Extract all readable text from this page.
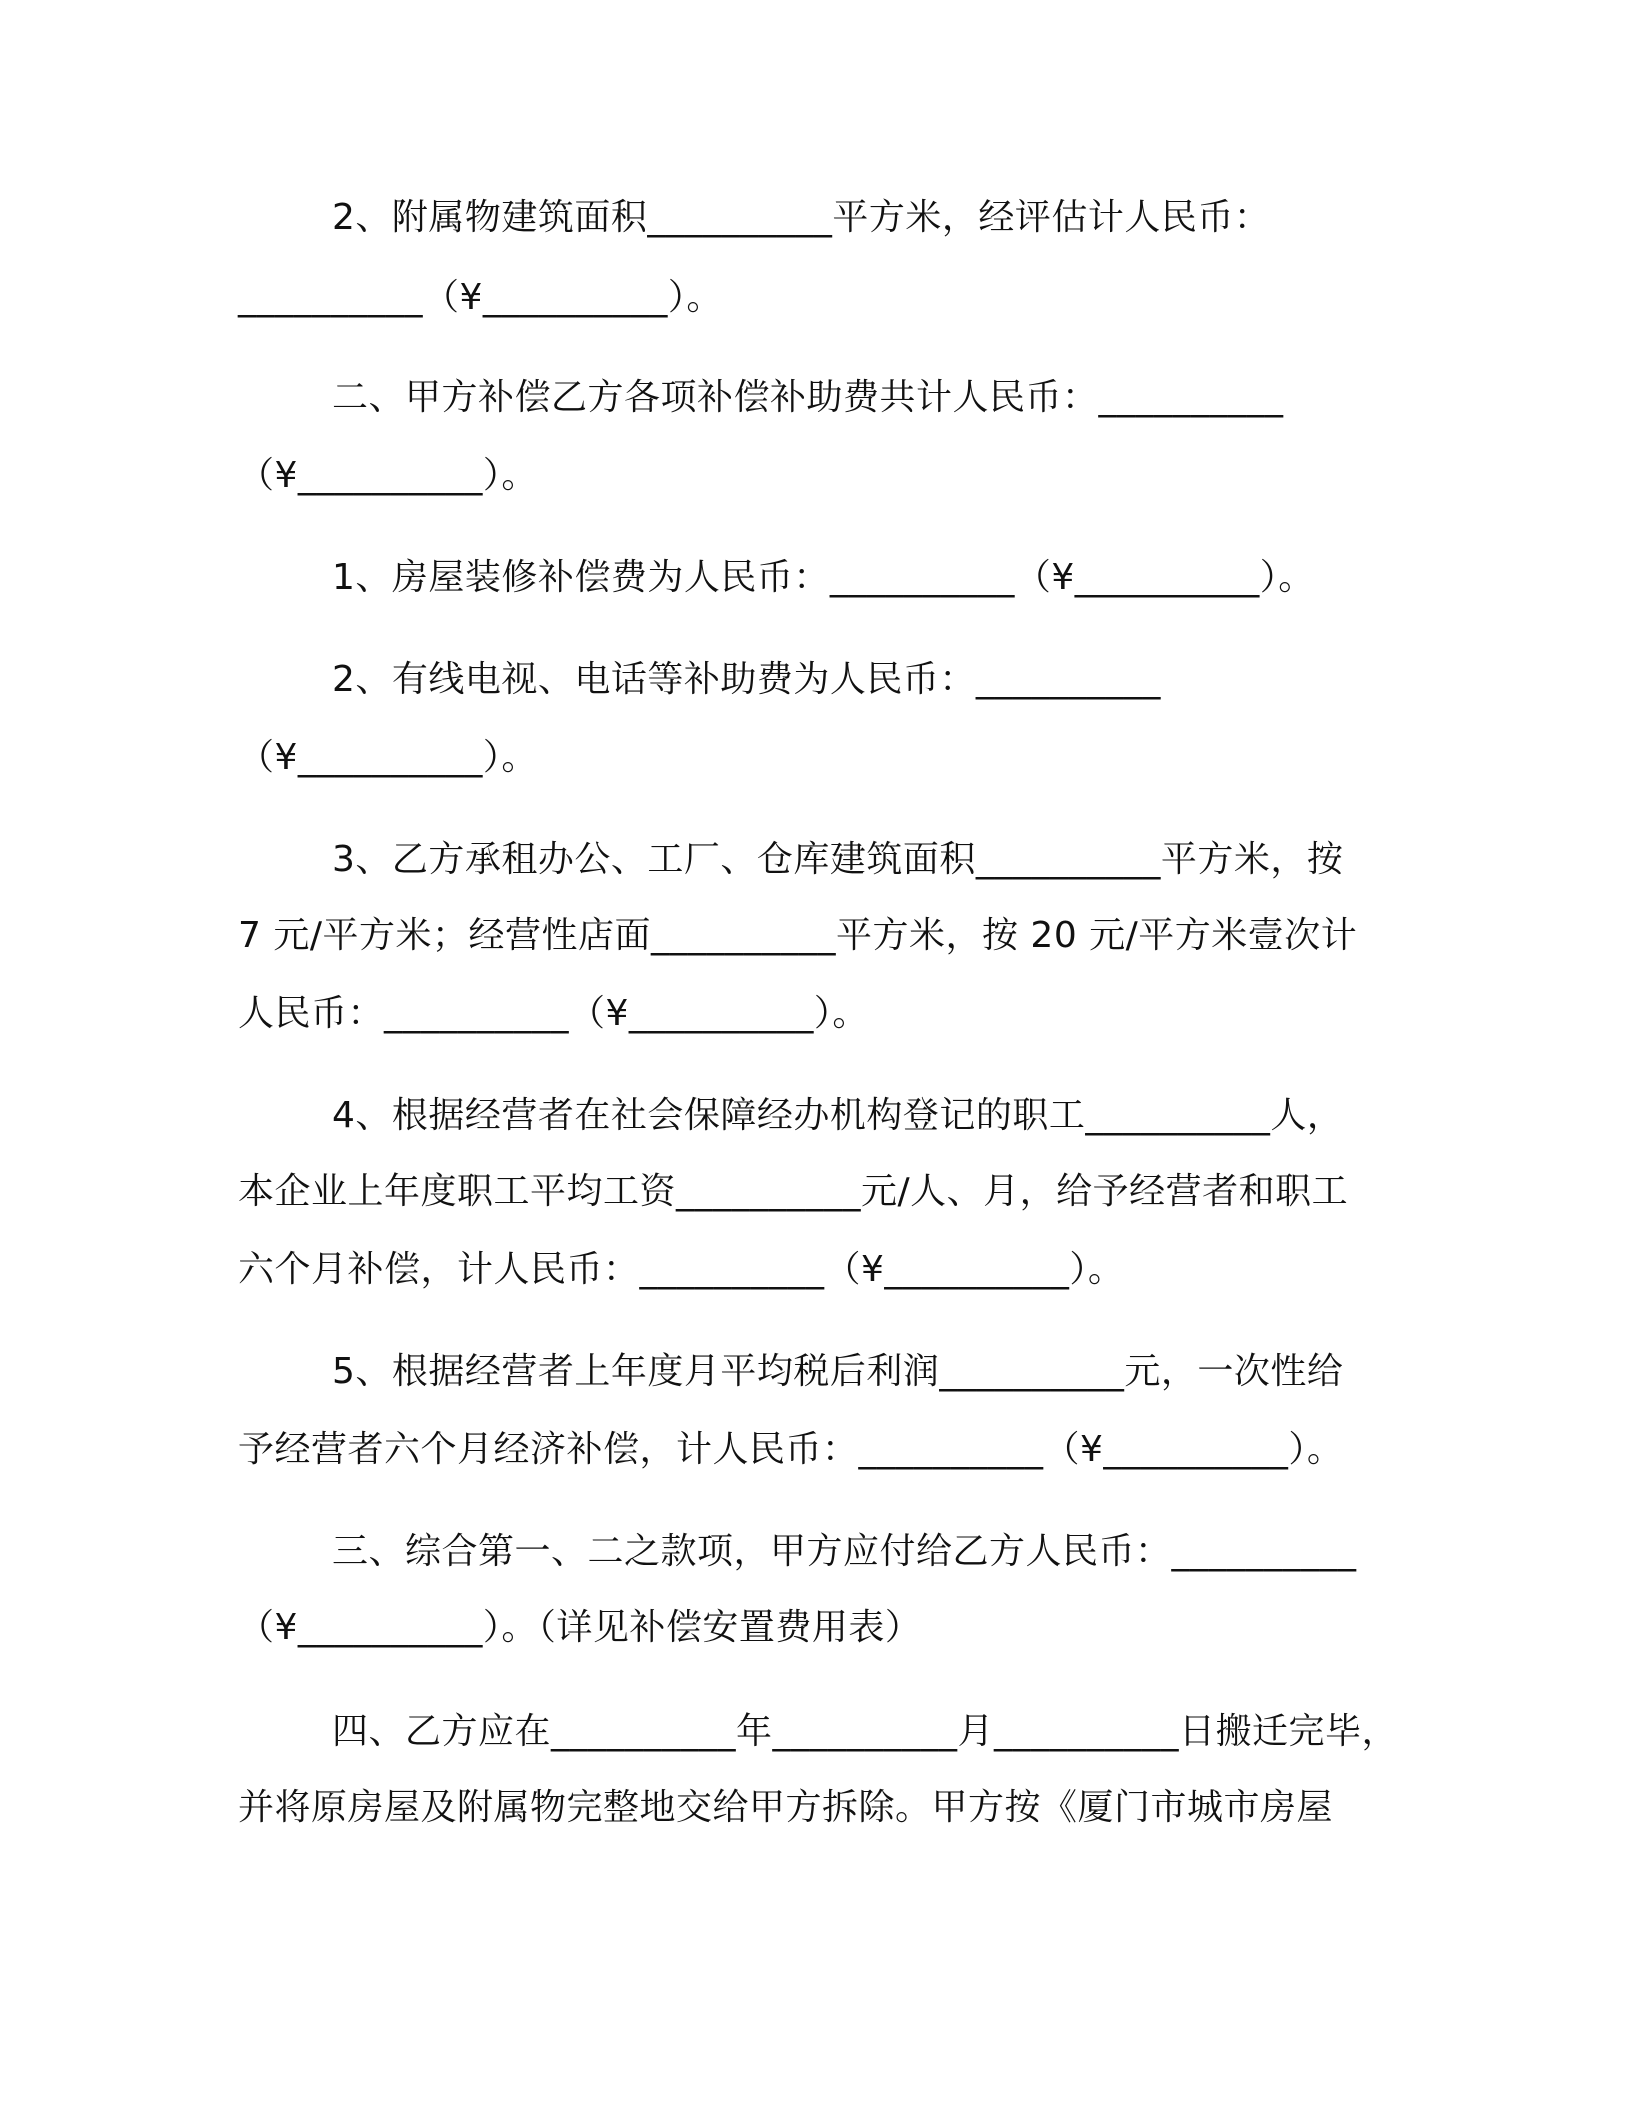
2、附属物建筑面积__________平方米，经评估计人民币：
__________（¥__________）。
二、甲方补偿乙方各项补偿补助费共计人民币：__________
（¥__________）。
1、房屋装修补偿费为人民币：__________（¥__________）。
2、有线电视、电话等补助费为人民币：__________
（¥__________）。
3、乙方承租办公、工厂、仓库建筑面积__________平方米，按
7 元/平方米；经营性店面__________平方米，按 20 元/平方米壹次计
人民币：__________（¥__________）。
4、根据经营者在社会保障经办机构登记的职工__________人，
本企业上年度职工平均工资__________元/人、月，给予经营者和职工
六个月补偿，计人民币：__________（¥__________）。
5、根据经营者上年度月平均税后利润__________元，一次性给
予经营者六个月经济补偿，计人民币：__________（¥__________）。
三、综合第一、二之款项，甲方应付给乙方人民币：__________
（¥__________）。（详见补偿安置费用表）
四、乙方应在__________年__________月__________日搬迁完毕，
并将原房屋及附属物完整地交给甲方拆除。甲方按《厦门市城市房屋
